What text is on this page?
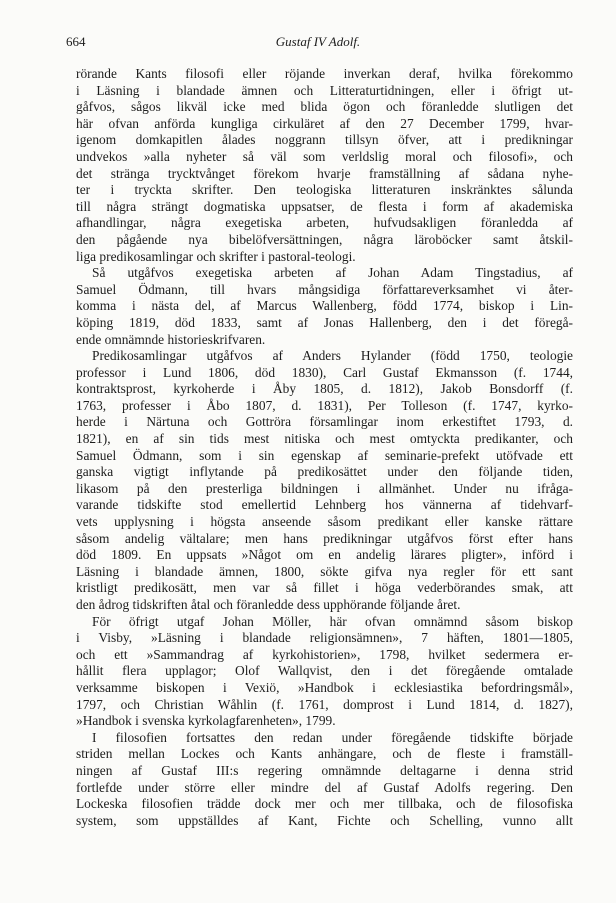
664	Gustaf IV Adolf.
rörande Kants filosofi eller röjande inverkan deraf, hvilka förekommo
i Läsning i blandade ämnen och Litteraturtidningen, eller i öfrigt ut-
gåfvos, sågos likväl icke med blida ögon och föranledde slutligen det
här ofvan anförda kungliga cirkuläret af den 27 December 1799, hvar-
igenom domkapitlen ålades noggrann tillsyn öfver, att i predikningar
undvekos »alla nyheter så väl som verldslig moral och filosofi», och
det stränga trycktvånget förekom hvarje framställning af sådana nyhe-
ter i tryckta skrifter. Den teologiska litteraturen inskränktes sålunda
till några strängt dogmatiska uppsatser, de flesta i form af akademiska
afhandlingar, några exegetiska arbeten, hufvudsakligen föranledda af
den pågående nya bibelöfversättningen, några läroböcker samt åtskil-
liga predikosamlingar och skrifter i pastoral-teologi.
Så utgåfvos exegetiska arbeten af Johan Adam Tingstadius, af
Samuel Ödmann, till hvars mångsidiga författareverksamhet vi åter-
komma i nästa del, af Marcus Wallenberg, född 1774, biskop i Lin-
köping 1819, död 1833, samt af Jonas Hallenberg, den i det föregå-
ende omnämnde historieskrifvaren.
Predikosamlingar utgåfvos af Anders Hylander (född 1750, teologie
professor i Lund 1806, död 1830), Carl Gustaf Ekmansson (f. 1744,
kontraktsprost, kyrkoherde i Åby 1805, d. 1812), Jakob Bonsdorff (f.
1763, professer i Åbo 1807, d. 1831), Per Tolleson (f. 1747, kyrko-
herde i Närtuna och Gottröra församlingar inom erkestiftet 1793, d.
1821), en af sin tids mest nitiska och mest omtyckta predikanter, och
Samuel Ödmann, som i sin egenskap af seminarie-prefekt utöfvade ett
ganska vigtigt inflytande på predikosättet under den följande tiden,
likasom på den presterliga bildningen i allmänhet. Under nu ifråga-
varande tidskifte stod emellertid Lehnberg hos vännerna af tidehvarf-
vets upplysning i högsta anseende såsom predikant eller kanske rättare
såsom andelig vältalare; men hans predikningar utgåfvos först efter hans
död 1809. En uppsats »Något om en andelig lärares pligter», införd i
Läsning i blandade ämnen, 1800, sökte gifva nya regler för ett sant
kristligt predikosätt, men var så fillet i höga vederbörandes smak, att
den ådrog tidskriften åtal och föranledde dess upphörande följande året.
För öfrigt utgaf Johan Möller, här ofvan omnämnd såsom biskop
i Visby, »Läsning i blandade religionsämnen», 7 häften, 1801—1805,
och ett »Sammandrag af kyrkohistorien», 1798, hvilket sedermera er-
hållit flera upplagor; Olof Wallqvist, den i det föregående omtalade
verksamme biskopen i Vexiö, »Handbok i ecklesiastika befordringsmål»,
1797, och Christian Wåhlin (f. 1761, domprost i Lund 1814, d. 1827),
»Handbok i svenska kyrkolagfarenheten», 1799.
I filosofien fortsattes den redan under föregående tidskifte började
striden mellan Lockes och Kants anhängare, och de fleste i framställ-
ningen af Gustaf III:s regering omnämnde deltagarne i denna strid
fortlefde under större eller mindre del af Gustaf Adolfs regering. Den
Lockeska filosofien trädde dock mer och mer tillbaka, och de filosofiska
system, som uppställdes af Kant, Fichte och Schelling, vunno allt
